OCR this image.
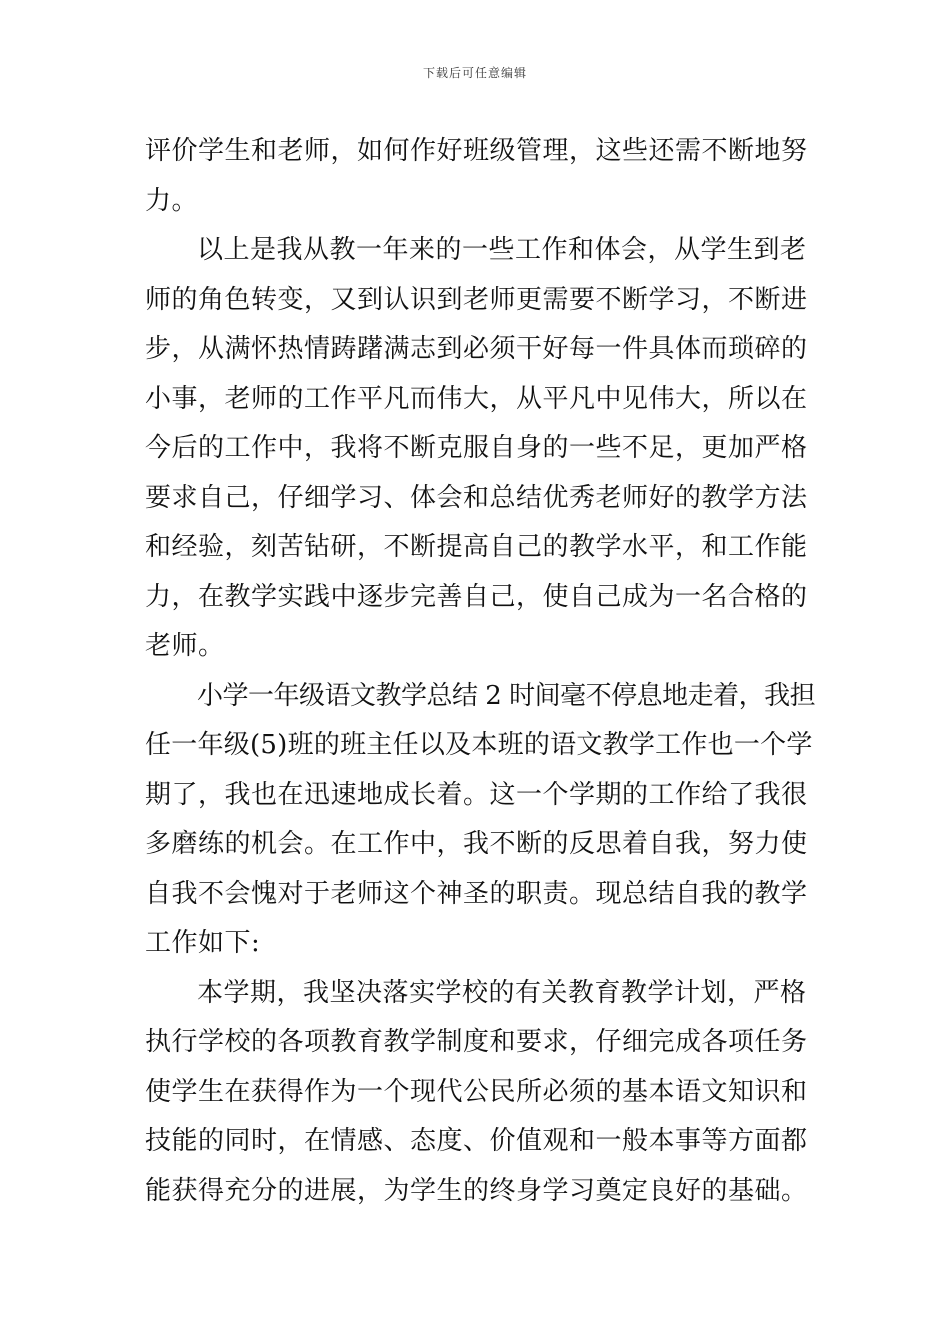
下载后可任意编辑
评价学生和老师，如何作好班级管理，这些还需不断地努
力。
以上是我从教一年来的一些工作和体会，从学生到老
师的角色转变，又到认识到老师更需要不断学习，不断进
步，从满怀热情踌躇满志到必须干好每一件具体而琐碎的
小事，老师的工作平凡而伟大，从平凡中见伟大，所以在
今后的工作中，我将不断克服自身的一些不足，更加严格
要求自己，仔细学习、体会和总结优秀老师好的教学方法
和经验，刻苦钻研，不断提高自己的教学水平，和工作能
力，在教学实践中逐步完善自己，使自己成为一名合格的
老师。
小学一年级语文教学总结 2 时间毫不停息地走着，我担
任一年级(5)班的班主任以及本班的语文教学工作也一个学
期了，我也在迅速地成长着。这一个学期的工作给了我很
多磨练的机会。在工作中，我不断的反思着自我，努力使
自我不会愧对于老师这个神圣的职责。现总结自我的教学
工作如下:
本学期，我坚决落实学校的有关教育教学计划，严格
执行学校的各项教育教学制度和要求，仔细完成各项任务
使学生在获得作为一个现代公民所必须的基本语文知识和
技能的同时，在情感、态度、价值观和一般本事等方面都
能获得充分的进展，为学生的终身学习奠定良好的基础。
